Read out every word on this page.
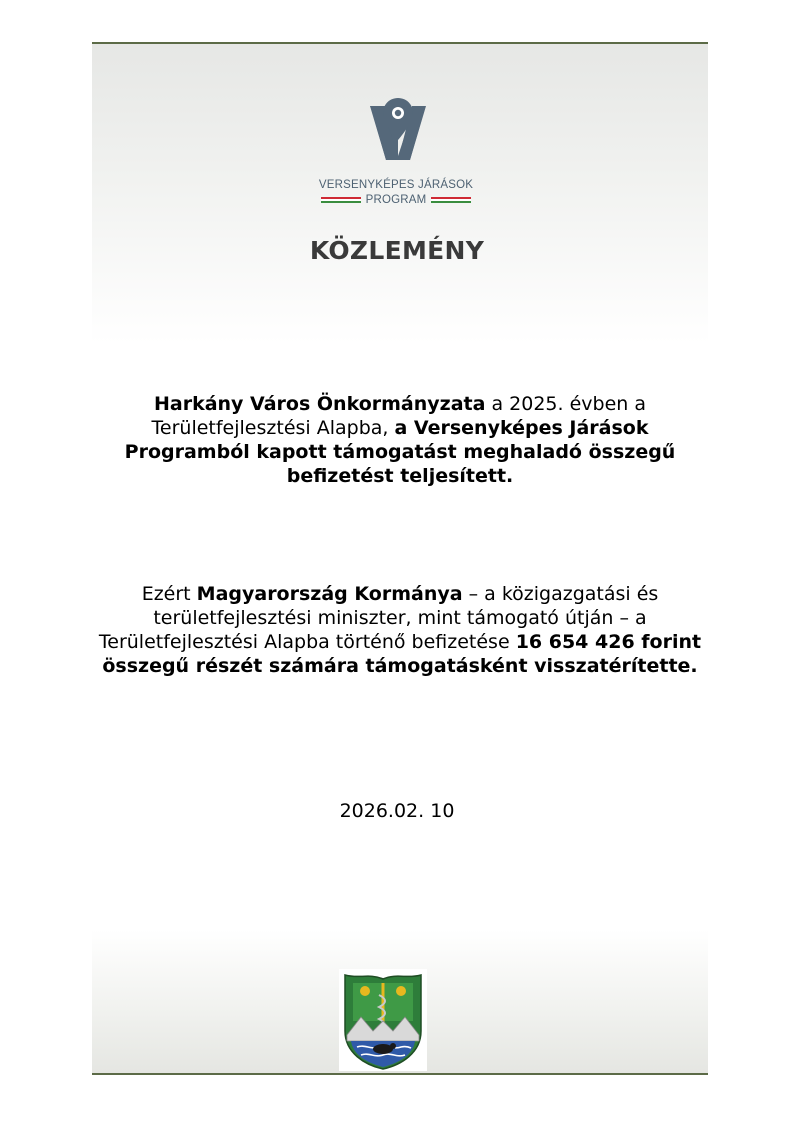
VERSENYKÉPES JÁRÁSOK
PROGRAM
KÖZLEMÉNY
Harkány Város Önkormányzata a 2025. évben a Területfejlesztési Alapba, a Versenyképes Járások Programból kapott támogatást meghaladó összegű befizetést teljesített.
Ezért Magyarország Kormánya – a közigazgatási és területfejlesztési miniszter, mint támogató útján – a Területfejlesztési Alapba történő befizetése 16 654 426 forint összegű részét számára támogatásként visszatérítette.
2026.02. 10
